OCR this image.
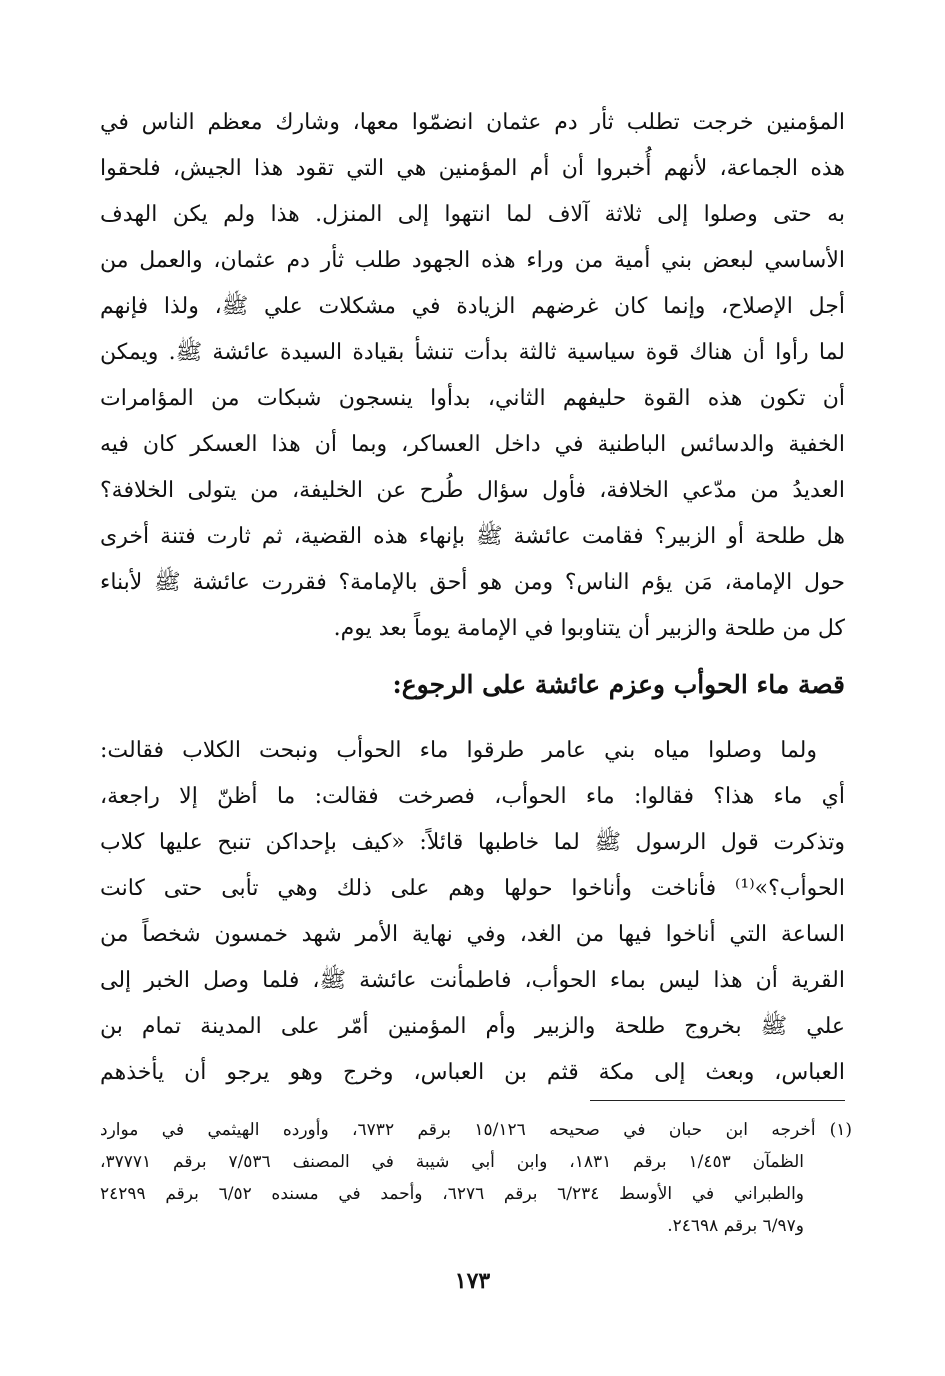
المؤمنين خرجت تطلب ثأر دم عثمان انضمّوا معها، وشارك معظم الناس في
هذه الجماعة، لأنهم أُخبروا أن أم المؤمنين هي التي تقود هذا الجيش، فلحقوا
به حتى وصلوا إلى ثلاثة آلاف لما انتهوا إلى المنزل. هذا ولم يكن الهدف
الأساسي لبعض بني أمية من وراء هذه الجهود طلب ثأر دم عثمان، والعمل من
أجل الإصلاح، وإنما كان غرضهم الزيادة في مشكلات علي ﷺ، ولذا فإنهم
لما رأوا أن هناك قوة سياسية ثالثة بدأت تنشأ بقيادة السيدة عائشة ﷺ. ويمكن
أن تكون هذه القوة حليفهم الثاني، بدأوا ينسجون شبكات من المؤامرات
الخفية والدسائس الباطنية في داخل العساكر، وبما أن هذا العسكر كان فيه
العديدُ من مدّعي الخلافة، فأول سؤال طُرح عن الخليفة، من يتولى الخلافة؟
هل طلحة أو الزبير؟ فقامت عائشة ﷺ بإنهاء هذه القضية، ثم ثارت فتنة أخرى
حول الإمامة، مَن يؤم الناس؟ ومن هو أحق بالإمامة؟ فقررت عائشة ﷺ لأبناء
كل من طلحة والزبير أن يتناوبوا في الإمامة يوماً بعد يوم.
قصة ماء الحوأب وعزم عائشة على الرجوع:
ولما وصلوا مياه بني عامر طرقوا ماء الحوأب ونبحت الكلاب فقالت:
أي ماء هذا؟ فقالوا: ماء الحوأب، فصرخت فقالت: ما أظنّ إلا راجعة،
وتذكرت قول الرسول ﷺ لما خاطبها قائلاً: «كيف بإحداكن تنبح عليها كلاب
الحوأب؟»⁽¹⁾ فأناخت وأناخوا حولها وهم على ذلك وهي تأبى حتى كانت
الساعة التي أناخوا فيها من الغد، وفي نهاية الأمر شهد خمسون شخصاً من
القرية أن هذا ليس بماء الحوأب، فاطمأنت عائشة ﷺ، فلما وصل الخبر إلى
علي ﷺ بخروج طلحة والزبير وأم المؤمنين أمّر على المدينة تمام بن
العباس، وبعث إلى مكة قثم بن العباس، وخرج وهو يرجو أن يأخذهم
(١)أخرجه ابن حبان في صحيحه ١٥/١٢٦ برقم ٦٧٣٢، وأورده الهيثمي في موارد
الظمآن ١/٤٥٣ برقم ١٨٣١، وابن أبي شيبة في المصنف ٧/٥٣٦ برقم ٣٧٧٧١،
والطبراني في الأوسط ٦/٢٣٤ برقم ٦٢٧٦، وأحمد في مسنده ٦/٥٢ برقم ٢٤٢٩٩
و٦/٩٧ برقم ٢٤٦٩٨.
١٧٣
